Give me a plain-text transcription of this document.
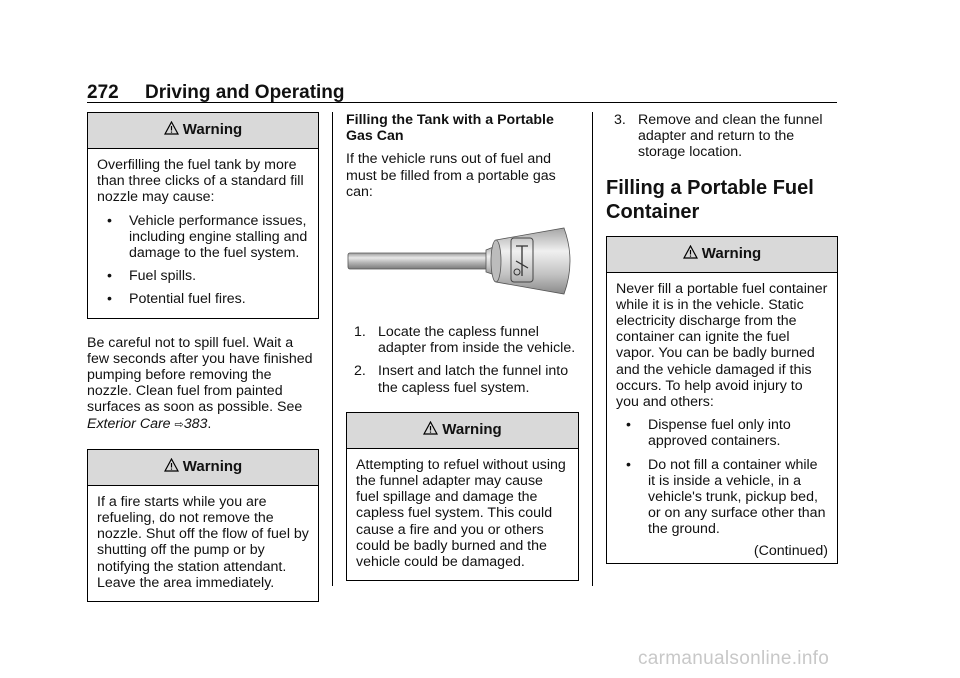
272 Driving and Operating
Warning

Overfilling the fuel tank by more than three clicks of a standard fill nozzle may cause:

•	Vehicle performance issues, including engine stalling and damage to the fuel system.
•	Fuel spills.
•	Potential fuel fires.

Be careful not to spill fuel. Wait a few seconds after you have finished pumping before removing the nozzle. Clean fuel from painted surfaces as soon as possible. See Exterior Care ⇨383.

Warning

If a fire starts while you are refueling, do not remove the nozzle. Shut off the flow of fuel by shutting off the pump or by notifying the station attendant. Leave the area immediately.

Filling the Tank with a Portable Gas Can

If the vehicle runs out of fuel and must be filled from a portable gas can:

1. Locate the capless funnel adapter from inside the vehicle.
2. Insert and latch the funnel into the capless fuel system.
Warning

Attempting to refuel without using the funnel adapter may cause fuel spillage and damage the capless fuel system. This could cause a fire and you or others could be badly burned and the vehicle could be damaged.

3. Remove and clean the funnel adapter and return to the storage location.

Filling a Portable Fuel Container

Warning

Never fill a portable fuel container while it is in the vehicle. Static electricity discharge from the container can ignite the fuel vapor. You can be badly burned and the vehicle damaged if this occurs. To help avoid injury to you and others:

•	Dispense fuel only into approved containers.
•	Do not fill a container while it is inside a vehicle, in a vehicle's trunk, pickup bed, or on any surface other than the ground.

(Continued)

carmanualsonline.info
